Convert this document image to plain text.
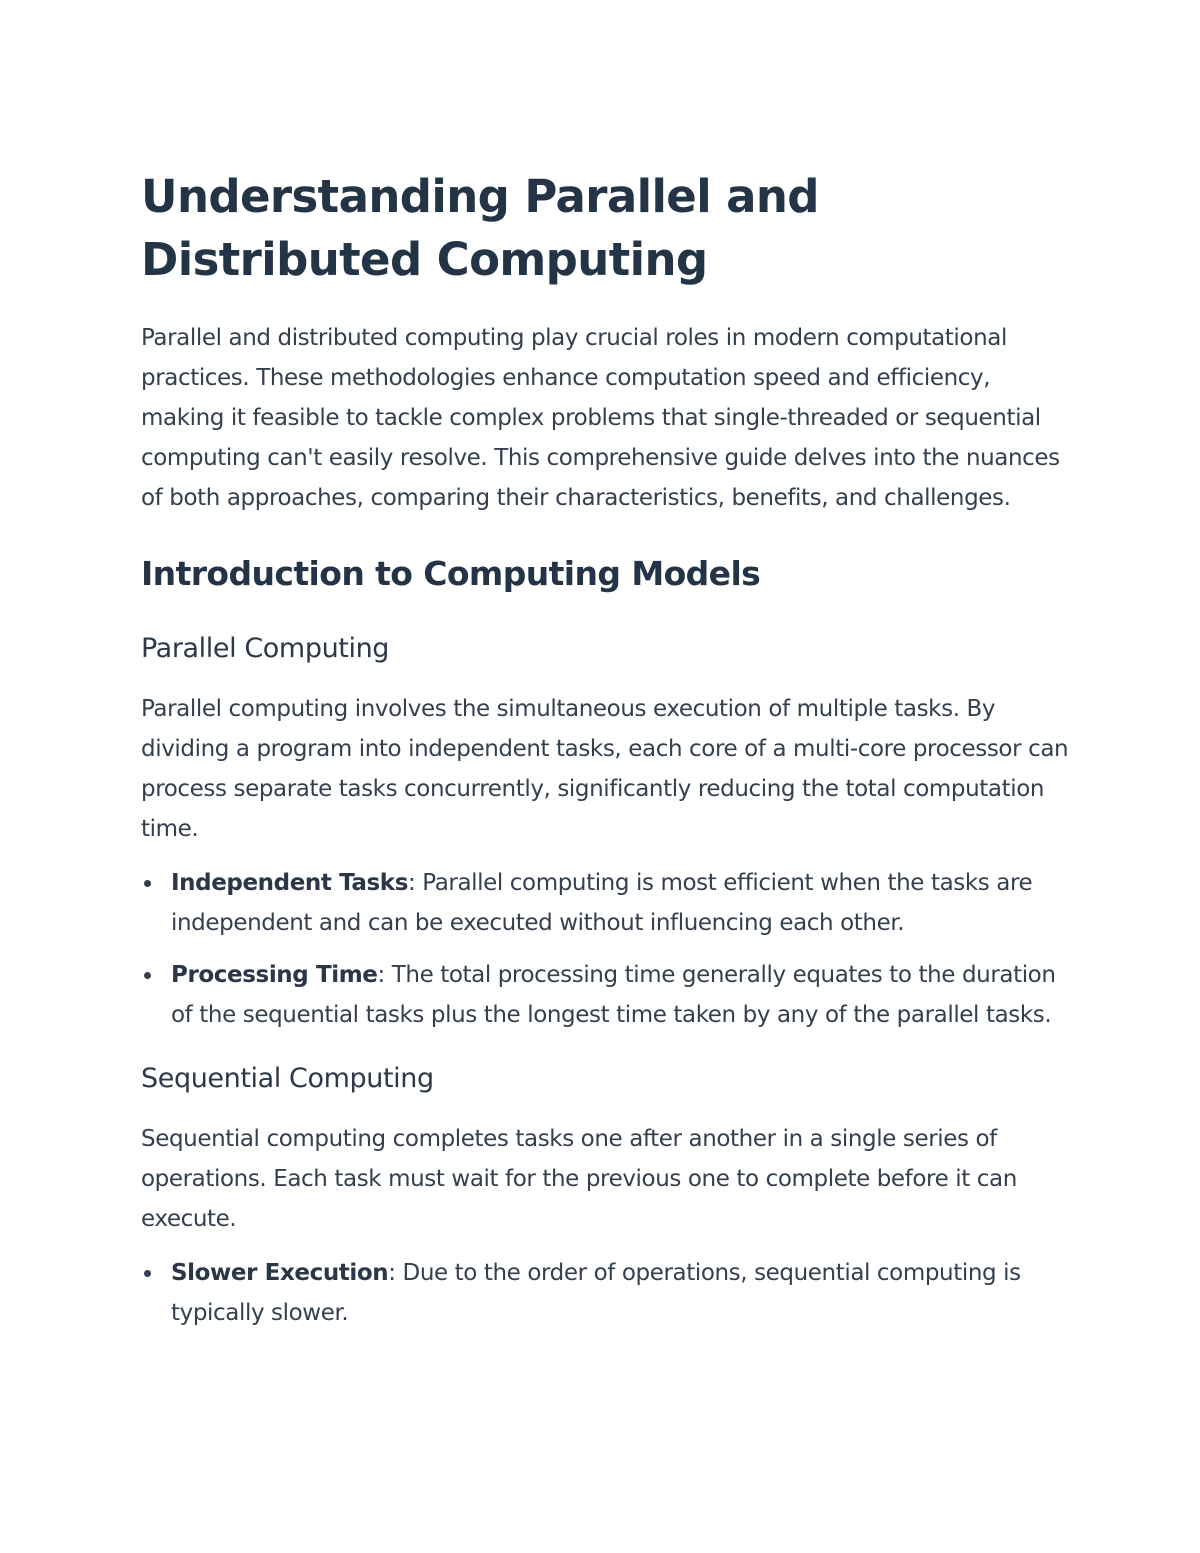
Understanding Parallel and Distributed Computing

Parallel and distributed computing play crucial roles in modern computational practices. These methodologies enhance computation speed and efficiency, making it feasible to tackle complex problems that single-threaded or sequential computing can't easily resolve. This comprehensive guide delves into the nuances of both approaches, comparing their characteristics, benefits, and challenges.

Introduction to Computing Models
Parallel Computing

Parallel computing involves the simultaneous execution of multiple tasks. By dividing a program into independent tasks, each core of a multi-core processor can process separate tasks concurrently, significantly reducing the total computation time.

Independent Tasks: Parallel computing is most efficient when the tasks are independent and can be executed without influencing each other.
Processing Time: The total processing time generally equates to the duration of the sequential tasks plus the longest time taken by any of the parallel tasks.
Sequential Computing

Sequential computing completes tasks one after another in a single series of operations. Each task must wait for the previous one to complete before it can execute.

Slower Execution: Due to the order of operations, sequential computing is typically slower.
